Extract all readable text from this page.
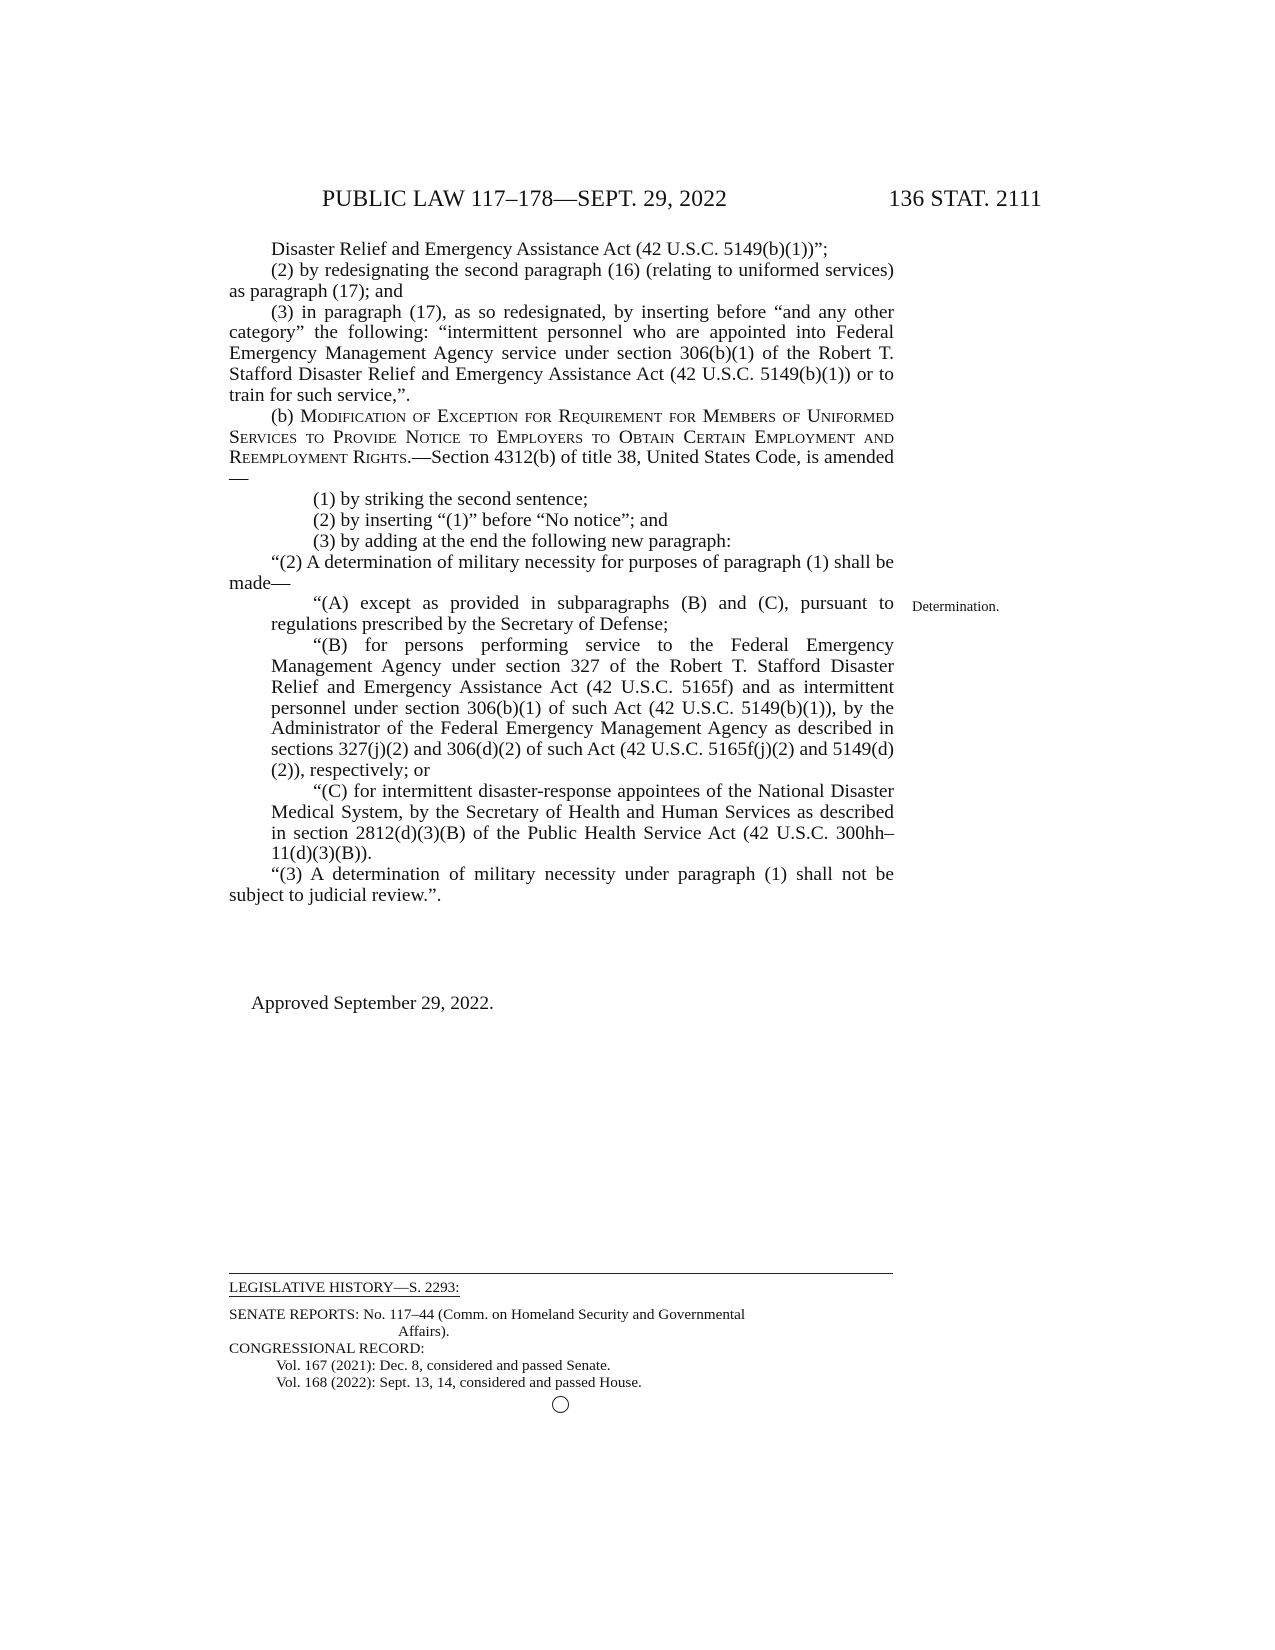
PUBLIC LAW 117–178—SEPT. 29, 2022	136 STAT. 2111
Disaster Relief and Emergency Assistance Act (42 U.S.C. 5149(b)(1))”;
(2) by redesignating the second paragraph (16) (relating to uniformed services) as paragraph (17); and
(3) in paragraph (17), as so redesignated, by inserting before “and any other category” the following: “intermittent personnel who are appointed into Federal Emergency Management Agency service under section 306(b)(1) of the Robert T. Stafford Disaster Relief and Emergency Assistance Act (42 U.S.C. 5149(b)(1)) or to train for such service,”.
(b) Modification of Exception for Requirement for Members of Uniformed Services to Provide Notice to Employers to Obtain Certain Employment and Reemployment Rights.—Section 4312(b) of title 38, United States Code, is amended—
(1) by striking the second sentence;
(2) by inserting “(1)” before “No notice”; and
(3) by adding at the end the following new paragraph:
“(2) A determination of military necessity for purposes of paragraph (1) shall be made—
“(A) except as provided in subparagraphs (B) and (C), pursuant to regulations prescribed by the Secretary of Defense;
“(B) for persons performing service to the Federal Emergency Management Agency under section 327 of the Robert T. Stafford Disaster Relief and Emergency Assistance Act (42 U.S.C. 5165f) and as intermittent personnel under section 306(b)(1) of such Act (42 U.S.C. 5149(b)(1)), by the Administrator of the Federal Emergency Management Agency as described in sections 327(j)(2) and 306(d)(2) of such Act (42 U.S.C. 5165f(j)(2) and 5149(d)(2)), respectively; or
“(C) for intermittent disaster-response appointees of the National Disaster Medical System, by the Secretary of Health and Human Services as described in section 2812(d)(3)(B) of the Public Health Service Act (42 U.S.C. 300hh–11(d)(3)(B)).
“(3) A determination of military necessity under paragraph (1) shall not be subject to judicial review.”.
Determination.
Approved September 29, 2022.
LEGISLATIVE HISTORY—S. 2293:
SENATE REPORTS: No. 117–44 (Comm. on Homeland Security and Governmental
Affairs).
CONGRESSIONAL RECORD:
Vol. 167 (2021): Dec. 8, considered and passed Senate.
Vol. 168 (2022): Sept. 13, 14, considered and passed House.
